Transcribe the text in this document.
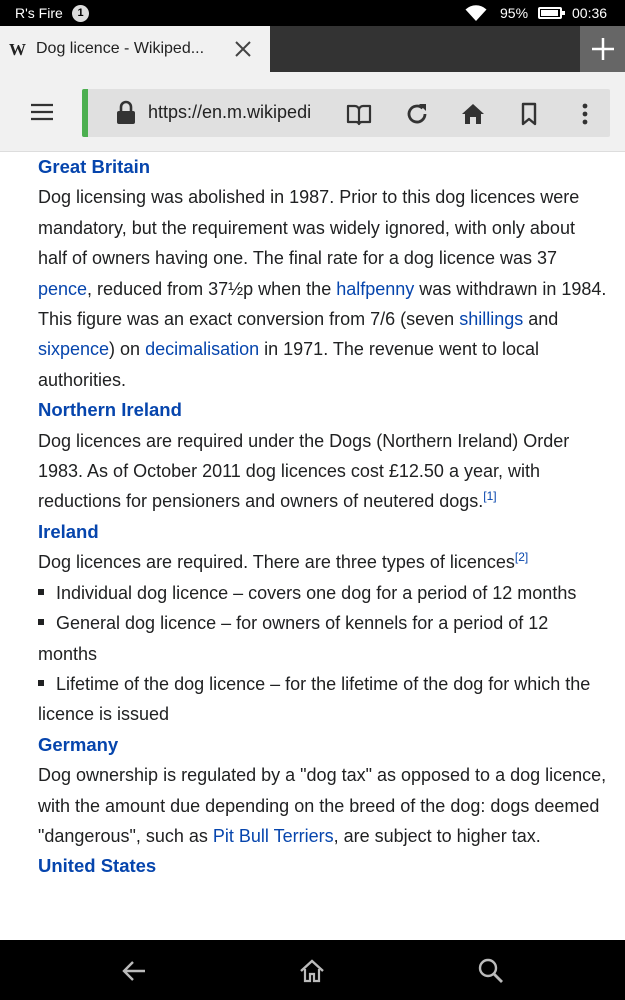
R's Fire	1	95%	00:36
W Dog licence - Wikiped...
https://en.m.wikipedi
Great Britain

Dog licensing was abolished in 1987. Prior to this dog licences were mandatory, but the requirement was widely ignored, with only about half of owners having one. The final rate for a dog licence was 37 pence, reduced from 37½p when the halfpenny was withdrawn in 1984. This figure was an exact conversion from 7/6 (seven shillings and sixpence) on decimalisation in 1971. The revenue went to local authorities.

Northern Ireland

Dog licences are required under the Dogs (Northern Ireland) Order 1983. As of October 2011 dog licences cost £12.50 a year, with reductions for pensioners and owners of neutered dogs.[1]

Ireland

Dog licences are required. There are three types of licences[2]

Individual dog licence – covers one dog for a period of 12 months
General dog licence – for owners of kennels for a period of 12 months
Lifetime of the dog licence – for the lifetime of the dog for which the licence is issued
Germany

Dog ownership is regulated by a "dog tax" as opposed to a dog licence, with the amount due depending on the breed of the dog: dogs deemed "dangerous", such as Pit Bull Terriers, are subject to higher tax.

United States
